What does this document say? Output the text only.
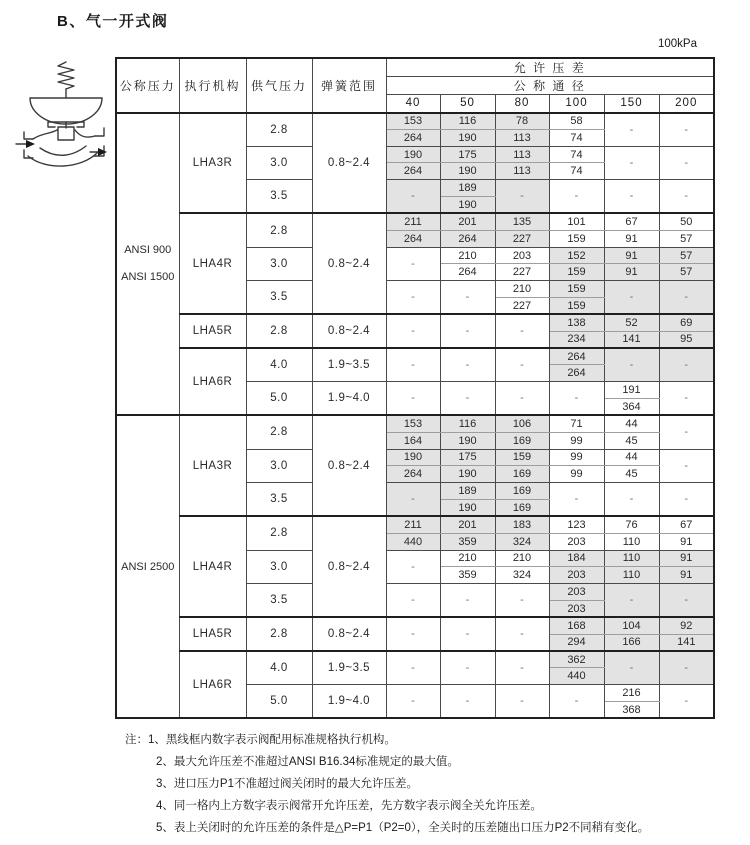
B、气一开式阀
100kPa
公称压力	执行机构	供气压力	弹簧范围	允 许 压 差					
				公 称 通 径					
				40	50	80	100	150	200

ANSI 900
ANSI 1500	LHA3R	2.8	0.8~2.4	153	116	78	58	-	-
				264	190	113	74		
		3.0		190	175	113	74	-	-
				264	190	113	74		
		3.5		-	189	-	-	-	-
					190				
	LHA4R	2.8	0.8~2.4	211	201	135	101	67	50
				264	264	227	159	91	57
		3.0		-	210	203	152	91	57
					264	227	159	91	57
		3.5		-	-	210	159	-	-
						227	159		
	LHA5R	2.8	0.8~2.4	-	-	-	138	52	69
							234	141	95
	LHA6R	4.0	1.9~3.5	-	-	-	264	-	-
							264		
		5.0	1.9~4.0	-	-	-	-	191	-
								364	

ANSI 2500	LHA3R	2.8	0.8~2.4	153	116	106	71	44	-
				164	190	169	99	45	
		3.0		190	175	159	99	44	-
				264	190	169	99	45	
		3.5		-	189	169	-	-	-
					190	169			
	LHA4R	2.8	0.8~2.4	211	201	183	123	76	67
				440	359	324	203	110	91
		3.0		-	210	210	184	110	91
					359	324	203	110	91
		3.5		-	-	-	203	-	-
							203		
	LHA5R	2.8	0.8~2.4	-	-	-	168	104	92
							294	166	141
	LHA6R	4.0	1.9~3.5	-	-	-	362	-	-
							440		
		5.0	1.9~4.0	-	-	-	-	216	-
								368	
注：1、黑线框内数字表示阀配用标准规格执行机构。
2、最大允许压差不准超过ANSI B16.34标准规定的最大值。
3、进口压力P1不准超过阀关闭时的最大允许压差。
4、同一格内上方数字表示阀常开允许压差，先方数字表示阀全关允许压差。
5、表上关闭时的允许压差的条件是△P=P1（P2=0），全关时的压差随出口压力P2不同稍有变化。
